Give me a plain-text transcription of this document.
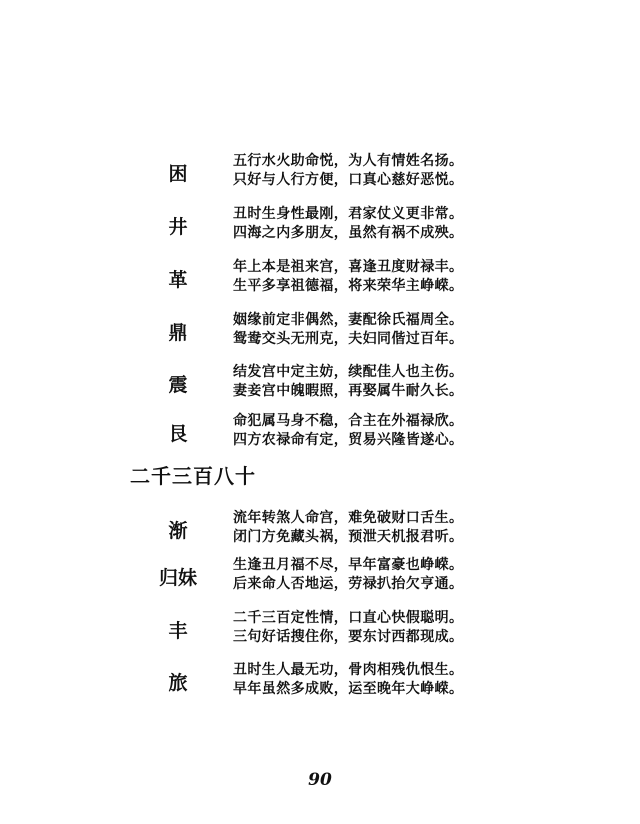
困
五行水火助命悦，为人有情姓名扬。
只好与人行方便，口真心慈好恶悦。
井
丑时生身性最刚，君家仗义更非常。
四海之内多朋友，虽然有祸不成殃。
革
年上本是祖来宫，喜逢丑度财禄丰。
生平多享祖德福，将来荣华主峥嵘。
鼎
姻缘前定非偶然，妻配徐氏福周全。
鸳鸯交头无刑克，夫妇同偕过百年。
震
结发宫中定主妨，续配佳人也主伤。
妻妾宫中魄暇照，再娶属牛耐久长。
艮
命犯属马身不稳，合主在外福禄欣。
四方农禄命有定，贸易兴隆皆遂心。
二千三百八十
渐
流年转煞人命宫，难免破财口舌生。
闭门方免藏头祸，预泄天机报君听。
归妹
生逢丑月福不尽，早年富豪也峥嵘。
后来命人否地运，劳禄扒抬欠亨通。
丰
二千三百定性情，口直心快假聪明。
三句好话搜住你，要东讨西都现成。
旅
丑时生人最无功，骨肉相残仇恨生。
早年虽然多成败，运至晚年大峥嵘。
90
